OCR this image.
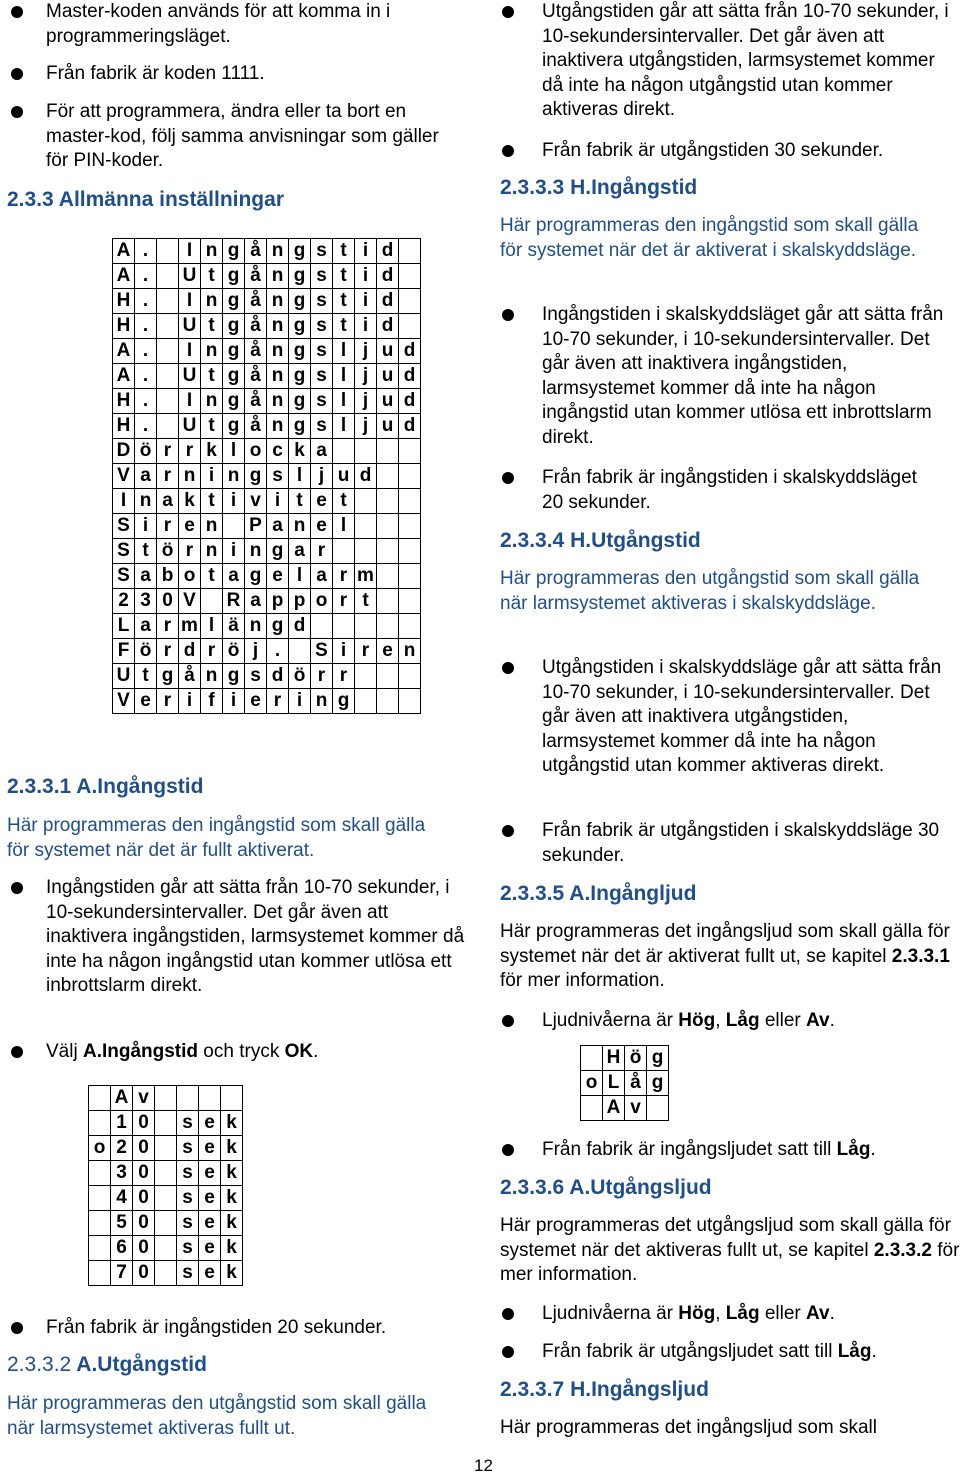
Master-koden används för att komma in i programmeringsläget.
Från fabrik är koden 1111.
För att programmera, ändra eller ta bort en master-kod, följ samma anvisningar som gäller för PIN-koder.
2.3.3 Allmänna inställningar
A	.		I	n	g	å	n	g	s	t	i	d	
A	.		U	t	g	å	n	g	s	t	i	d	
H	.		I	n	g	å	n	g	s	t	i	d	
H	.		U	t	g	å	n	g	s	t	i	d	
A	.		I	n	g	å	n	g	s	l	j	u	d
A	.		U	t	g	å	n	g	s	l	j	u	d
H	.		I	n	g	å	n	g	s	l	j	u	d
H	.		U	t	g	å	n	g	s	l	j	u	d
D	ö	r	r	k	l	o	c	k	a				
V	a	r	n	i	n	g	s	l	j	u	d		
I	n	a	k	t	i	v	i	t	e	t			
S	i	r	e	n		P	a	n	e	l			
S	t	ö	r	n	i	n	g	a	r				
S	a	b	o	t	a	g	e	l	a	r	m		
2	3	0	V		R	a	p	p	o	r	t		
L	a	r	m	l	ä	n	g	d					
F	ö	r	d	r	ö	j	.		S	i	r	e	n
U	t	g	å	n	g	s	d	ö	r	r			
V	e	r	i	f	i	e	r	i	n	g			
2.3.3.1 A.Ingångstid
Här programmeras den ingångstid som skall gälla för systemet när det är fullt aktiverat.
Ingångstiden går att sätta från 10-70 sekunder, i 10-sekundersintervaller. Det går även att inaktivera ingångstiden, larmsystemet kommer då inte ha någon ingångstid utan kommer utlösa ett inbrottslarm direkt.
Välj A.Ingångstid och tryck OK.
	A	v				
	1	0		s	e	k
o	2	0		s	e	k
	3	0		s	e	k
	4	0		s	e	k
	5	0		s	e	k
	6	0		s	e	k
	7	0		s	e	k
Från fabrik är ingångstiden 20 sekunder.
2.3.3.2 A.Utgångstid
Här programmeras den utgångstid som skall gälla när larmsystemet aktiveras fullt ut.
Utgångstiden går att sätta från 10-70 sekunder, i 10-sekundersintervaller. Det går även att inaktivera utgångstiden, larmsystemet kommer då inte ha någon utgångstid utan kommer aktiveras direkt.
Från fabrik är utgångstiden 30 sekunder.
2.3.3.3 H.Ingångstid
Här programmeras den ingångstid som skall gälla för systemet när det är aktiverat i skalskyddsläge.
Ingångstiden i skalskyddsläget går att sätta från 10-70 sekunder, i 10-sekundersintervaller. Det går även att inaktivera ingångstiden, larmsystemet kommer då inte ha någon ingångstid utan kommer utlösa ett inbrottslarm direkt.
Från fabrik är ingångstiden i skalskyddsläget 20 sekunder.
2.3.3.4 H.Utgångstid
Här programmeras den utgångstid som skall gälla när larmsystemet aktiveras i skalskyddsläge.
Utgångstiden i skalskyddsläge går att sätta från 10-70 sekunder, i 10-sekundersintervaller. Det går även att inaktivera utgångstiden, larmsystemet kommer då inte ha någon utgångstid utan kommer aktiveras direkt.
Från fabrik är utgångstiden i skalskyddsläge 30 sekunder.
2.3.3.5 A.Ingångljud
Här programmeras det ingångsljud som skall gälla för systemet när det är aktiverat fullt ut, se kapitel 2.3.3.1 för mer information.
Ljudnivåerna är Hög, Låg eller Av.
	H	ö	g
o	L	å	g
	A	v	
Från fabrik är ingångsljudet satt till Låg.
2.3.3.6 A.Utgångsljud
Här programmeras det utgångsljud som skall gälla för systemet när det aktiveras fullt ut, se kapitel 2.3.3.2 för mer information.
Ljudnivåerna är Hög, Låg eller Av.
Från fabrik är utgångsljudet satt till Låg.
2.3.3.7 H.Ingångsljud
Här programmeras det ingångsljud som skall
12
